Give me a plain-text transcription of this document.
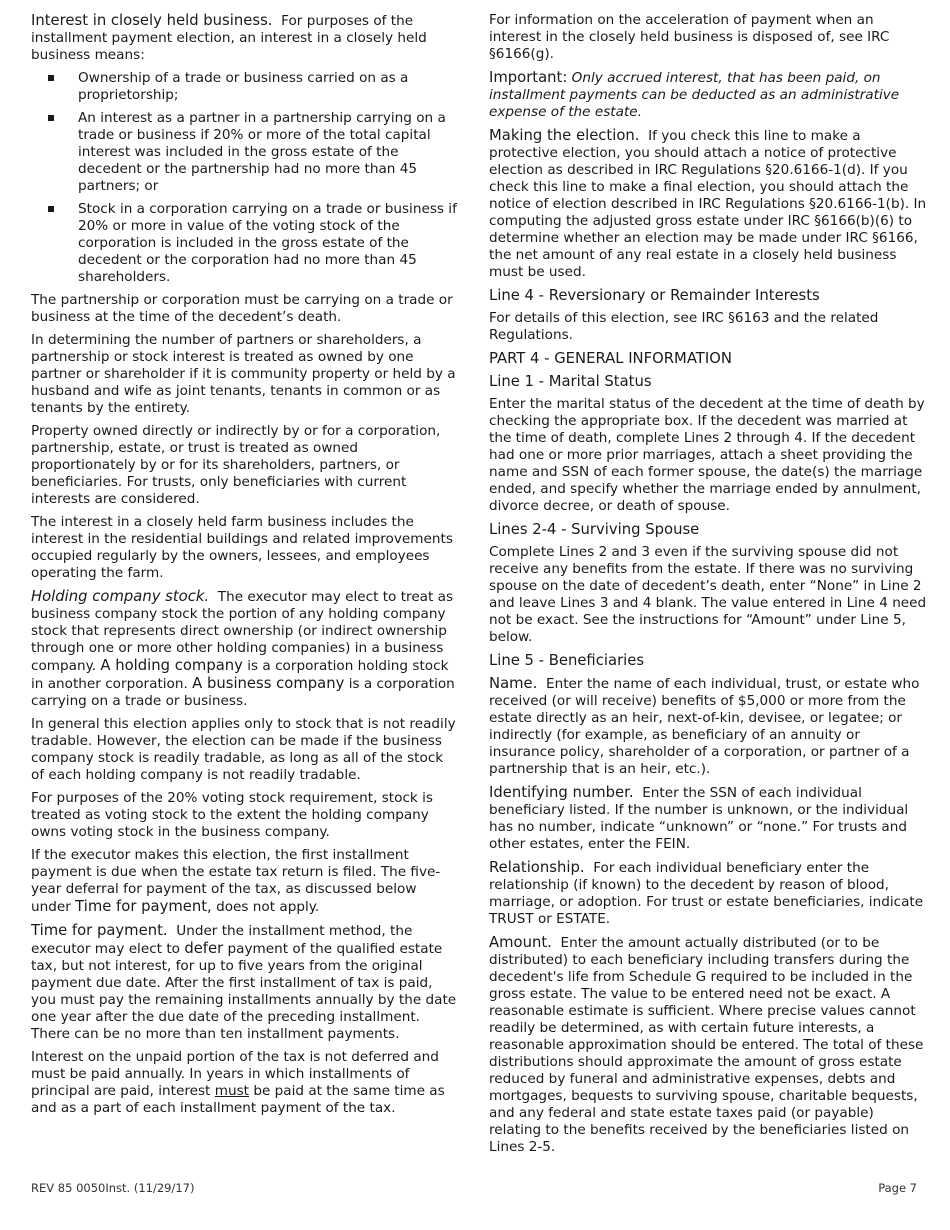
Interest in closely held business. For purposes of the installment payment election, an interest in a closely held business means:

Ownership of a trade or business carried on as a proprietorship;
An interest as a partner in a partnership carrying on a trade or business if 20% or more of the total capital interest was included in the gross estate of the decedent or the partnership had no more than 45 partners; or
Stock in a corporation carrying on a trade or business if 20% or more in value of the voting stock of the corporation is included in the gross estate of the decedent or the corporation had no more than 45 shareholders.

The partnership or corporation must be carrying on a trade or business at the time of the decedent’s death.

In determining the number of partners or shareholders, a partnership or stock interest is treated as owned by one partner or shareholder if it is community property or held by a husband and wife as joint tenants, tenants in common or as tenants by the entirety.

Property owned directly or indirectly by or for a corporation, partnership, estate, or trust is treated as owned proportionately by or for its shareholders, partners, or beneficiaries. For trusts, only beneficiaries with current interests are considered.

The interest in a closely held farm business includes the interest in the residential buildings and related improvements occupied regularly by the owners, lessees, and employees operating the farm.

Holding company stock. The executor may elect to treat as business company stock the portion of any holding company stock that represents direct ownership (or indirect ownership through one or more other holding companies) in a business company. A holding company is a corporation holding stock in another corporation. A business company is a corporation carrying on a trade or business.

In general this election applies only to stock that is not readily tradable. However, the election can be made if the business company stock is readily tradable, as long as all of the stock of each holding company is not readily tradable.

For purposes of the 20% voting stock requirement, stock is treated as voting stock to the extent the holding company owns voting stock in the business company.

If the executor makes this election, the first installment payment is due when the estate tax return is filed. The five-year deferral for payment of the tax, as discussed below under Time for payment, does not apply.

Time for payment. Under the installment method, the executor may elect to defer payment of the qualified estate tax, but not interest, for up to five years from the original payment due date. After the first installment of tax is paid, you must pay the remaining installments annually by the date one year after the due date of the preceding installment. There can be no more than ten installment payments.

Interest on the unpaid portion of the tax is not deferred and must be paid annually. In years in which installments of principal are paid, interest must be paid at the same time as and as a part of each installment payment of the tax.

For information on the acceleration of payment when an interest in the closely held business is disposed of, see IRC §6166(g).

Important: Only accrued interest, that has been paid, on installment payments can be deducted as an administrative expense of the estate.

Making the election. If you check this line to make a protective election, you should attach a notice of protective election as described in IRC Regulations §20.6166-1(d). If you check this line to make a final election, you should attach the notice of election described in IRC Regulations §20.6166-1(b). In computing the adjusted gross estate under IRC §6166(b)(6) to determine whether an election may be made under IRC §6166, the net amount of any real estate in a closely held business must be used.

Line 4 - Reversionary or Remainder Interests

For details of this election, see IRC §6163 and the related Regulations.

PART 4 - GENERAL INFORMATION
Line 1 - Marital Status

Enter the marital status of the decedent at the time of death by checking the appropriate box. If the decedent was married at the time of death, complete Lines 2 through 4. If the decedent had one or more prior marriages, attach a sheet providing the name and SSN of each former spouse, the date(s) the marriage ended, and specify whether the marriage ended by annulment, divorce decree, or death of spouse.

Lines 2-4 - Surviving Spouse

Complete Lines 2 and 3 even if the surviving spouse did not receive any benefits from the estate. If there was no surviving spouse on the date of decedent’s death, enter “None” in Line 2 and leave Lines 3 and 4 blank. The value entered in Line 4 need not be exact. See the instructions for “Amount” under Line 5, below.

Line 5 - Beneficiaries

Name. Enter the name of each individual, trust, or estate who received (or will receive) benefits of $5,000 or more from the estate directly as an heir, next-of-kin, devisee, or legatee; or indirectly (for example, as beneficiary of an annuity or insurance policy, shareholder of a corporation, or partner of a partnership that is an heir, etc.).

Identifying number. Enter the SSN of each individual beneficiary listed. If the number is unknown, or the individual has no number, indicate “unknown” or “none.” For trusts and other estates, enter the FEIN.

Relationship. For each individual beneficiary enter the relationship (if known) to the decedent by reason of blood, marriage, or adoption. For trust or estate beneficiaries, indicate TRUST or ESTATE.

Amount. Enter the amount actually distributed (or to be distributed) to each beneficiary including transfers during the decedent's life from Schedule G required to be included in the gross estate. The value to be entered need not be exact. A reasonable estimate is sufficient. Where precise values cannot readily be determined, as with certain future interests, a reasonable approximation should be entered. The total of these distributions should approximate the amount of gross estate reduced by funeral and administrative expenses, debts and mortgages, bequests to surviving spouse, charitable bequests, and any federal and state estate taxes paid (or payable) relating to the benefits received by the beneficiaries listed on Lines 2-5.

REV 85 0050Inst. (11/29/17)	Page 7
